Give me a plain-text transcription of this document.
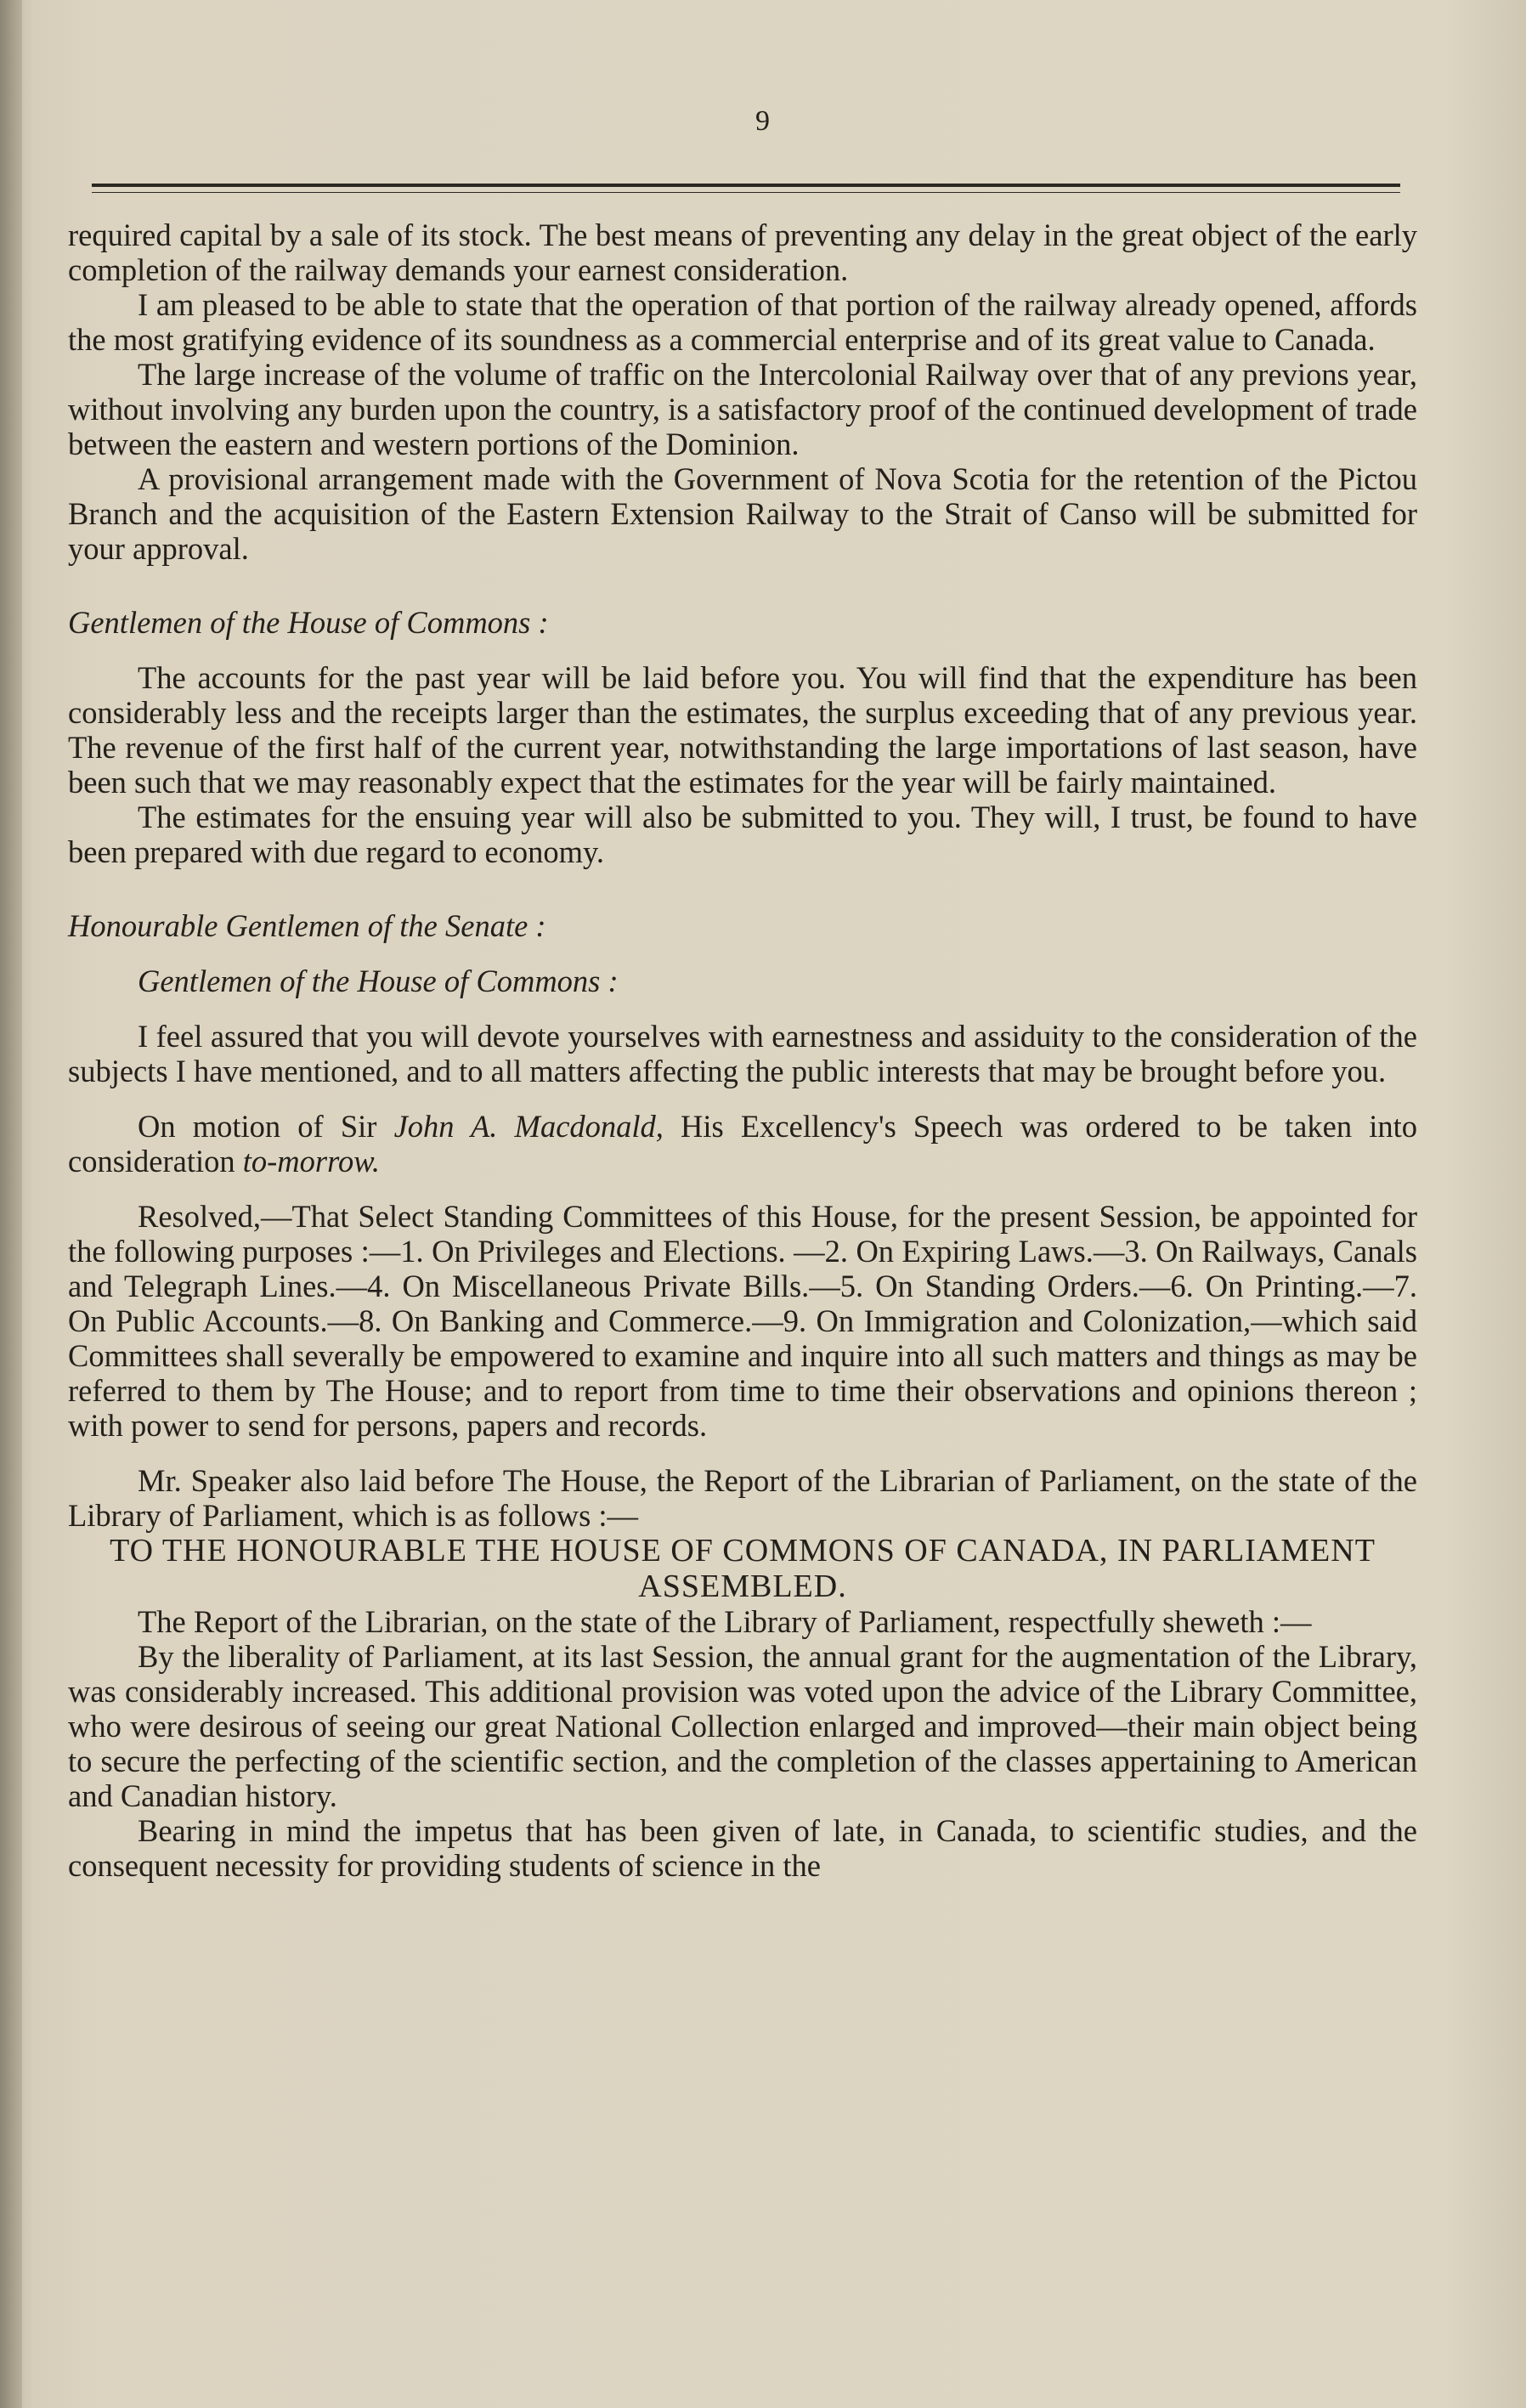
9

required capital by a sale of its stock. The best means of preventing any delay in the great object of the early completion of the railway demands your earnest consideration.

I am pleased to be able to state that the operation of that portion of the railway already opened, affords the most gratifying evidence of its soundness as a commercial enterprise and of its great value to Canada.

The large increase of the volume of traffic on the Intercolonial Railway over that of any previons year, without involving any burden upon the country, is a satisfactory proof of the continued development of trade between the eastern and western portions of the Dominion.

A provisional arrangement made with the Government of Nova Scotia for the retention of the Pictou Branch and the acquisition of the Eastern Extension Railway to the Strait of Canso will be submitted for your approval.

Gentlemen of the House of Commons :

The accounts for the past year will be laid before you. You will find that the expenditure has been considerably less and the receipts larger than the estimates, the surplus exceeding that of any previous year. The revenue of the first half of the current year, notwithstanding the large importations of last season, have been such that we may reasonably expect that the estimates for the year will be fairly maintained.

The estimates for the ensuing year will also be submitted to you. They will, I trust, be found to have been prepared with due regard to economy.

Honourable Gentlemen of the Senate :

Gentlemen of the House of Commons :

I feel assured that you will devote yourselves with earnestness and assiduity to the consideration of the subjects I have mentioned, and to all matters affecting the public interests that may be brought before you.

On motion of Sir John A. Macdonald, His Excellency's Speech was ordered to be taken into consideration to-morrow.

Resolved,—That Select Standing Committees of this House, for the present Session, be appointed for the following purposes :—1. On Privileges and Elections. —2. On Expiring Laws.—3. On Railways, Canals and Telegraph Lines.—4. On Miscellaneous Private Bills.—5. On Standing Orders.—6. On Printing.—7. On Public Accounts.—8. On Banking and Commerce.—9. On Immigration and Colonization,—which said Committees shall severally be empowered to examine and inquire into all such matters and things as may be referred to them by The House; and to report from time to time their observations and opinions thereon ; with power to send for persons, papers and records.

Mr. Speaker also laid before The House, the Report of the Librarian of Parliament, on the state of the Library of Parliament, which is as follows :—

TO THE HONOURABLE THE HOUSE OF COMMONS OF CANADA, IN PARLIAMENT ASSEMBLED.

The Report of the Librarian, on the state of the Library of Parliament, respectfully sheweth :—

By the liberality of Parliament, at its last Session, the annual grant for the augmentation of the Library, was considerably increased. This additional provision was voted upon the advice of the Library Committee, who were desirous of seeing our great National Collection enlarged and improved—their main object being to secure the perfecting of the scientific section, and the completion of the classes appertaining to American and Canadian history.

Bearing in mind the impetus that has been given of late, in Canada, to scientific studies, and the consequent necessity for providing students of science in the
